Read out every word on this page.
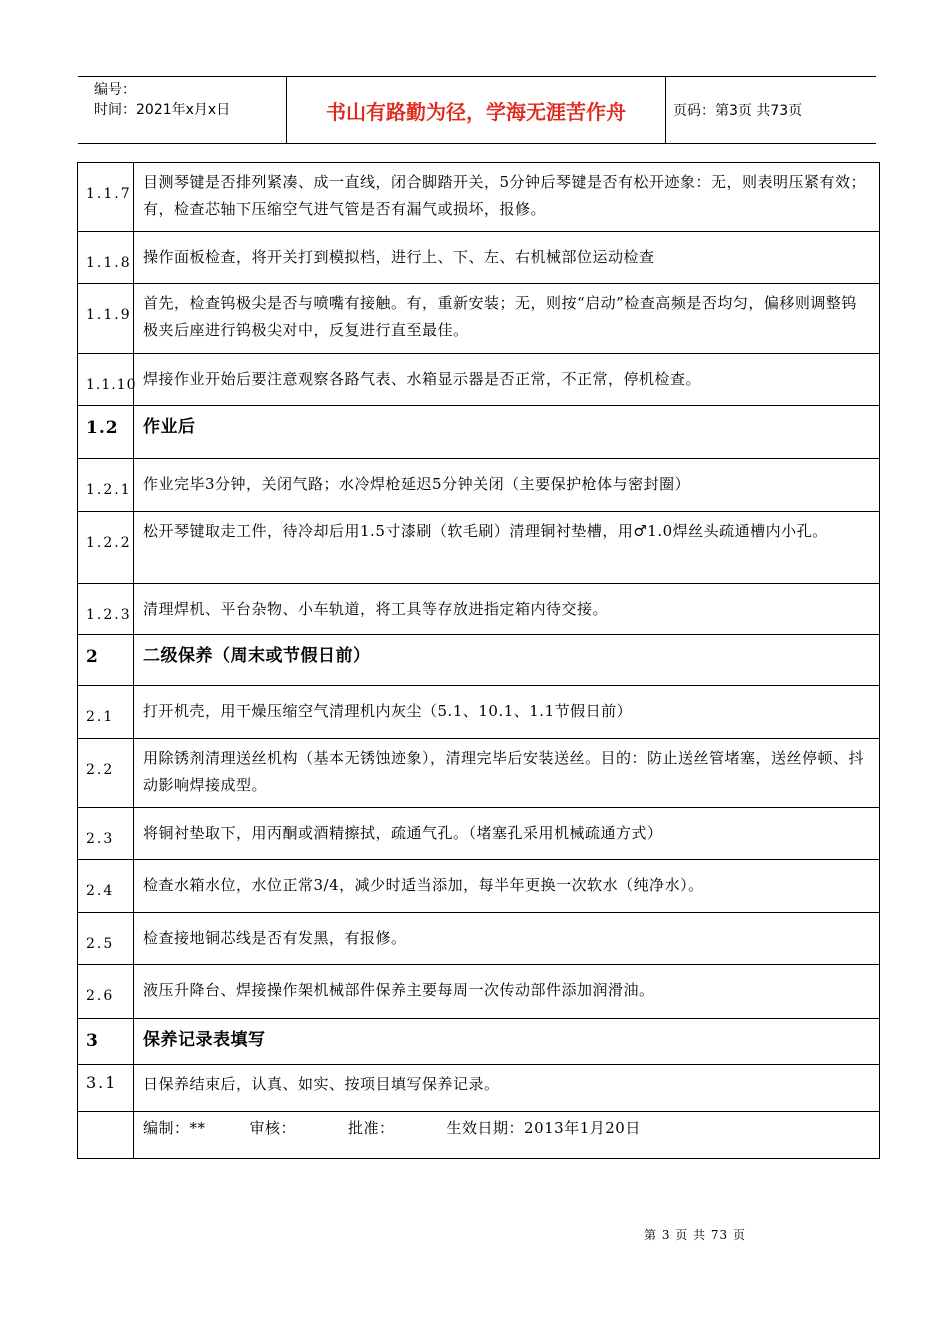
编号：
时间：2021年x月x日	书山有路勤为径，学海无涯苦作舟	页码：第3页 共73页
1.1.7	目测琴键是否排列紧凑、成一直线，闭合脚踏开关，5分钟后琴键是否有松开迹象：无，则表明压紧有效；有，检查芯轴下压缩空气进气管是否有漏气或损坏，报修。
1.1.8	操作面板检查，将开关打到模拟档，进行上、下、左、右机械部位运动检查
1.1.9	首先，检查钨极尖是否与喷嘴有接触。有，重新安装；无，则按“启动”检查高频是否均匀，偏移则调整钨极夹后座进行钨极尖对中，反复进行直至最佳。
1.1.10	焊接作业开始后要注意观察各路气表、水箱显示器是否正常，不正常，停机检查。
1.2	作业后
1.2.1	作业完毕3分钟，关闭气路；水冷焊枪延迟5分钟关闭（主要保护枪体与密封圈）
1.2.2	松开琴键取走工件，待冷却后用1.5寸漆刷（软毛刷）清理铜衬垫槽，用♂1.0焊丝头疏通槽内小孔。
1.2.3	清理焊机、平台杂物、小车轨道，将工具等存放进指定箱内待交接。
2	二级保养（周末或节假日前）
2.1	打开机壳，用干燥压缩空气清理机内灰尘（5.1、10.1、1.1节假日前）
2.2	用除锈剂清理送丝机构（基本无锈蚀迹象），清理完毕后安装送丝。目的：防止送丝管堵塞，送丝停顿、抖动影响焊接成型。
2.3	将铜衬垫取下，用丙酮或酒精擦拭，疏通气孔。（堵塞孔采用机械疏通方式）
2.4	检查水箱水位，水位正常3/4，减少时适当添加，每半年更换一次软水（纯净水）。
2.5	检查接地铜芯线是否有发黑，有报修。
2.6	液压升降台、焊接操作架机械部件保养主要每周一次传动部件添加润滑油。
3	保养记录表填写
3.1	日保养结束后，认真、如实、按项目填写保养记录。
	编制：** 审核： 批准： 生效日期：2013年1月20日
第 3 页 共 73 页
